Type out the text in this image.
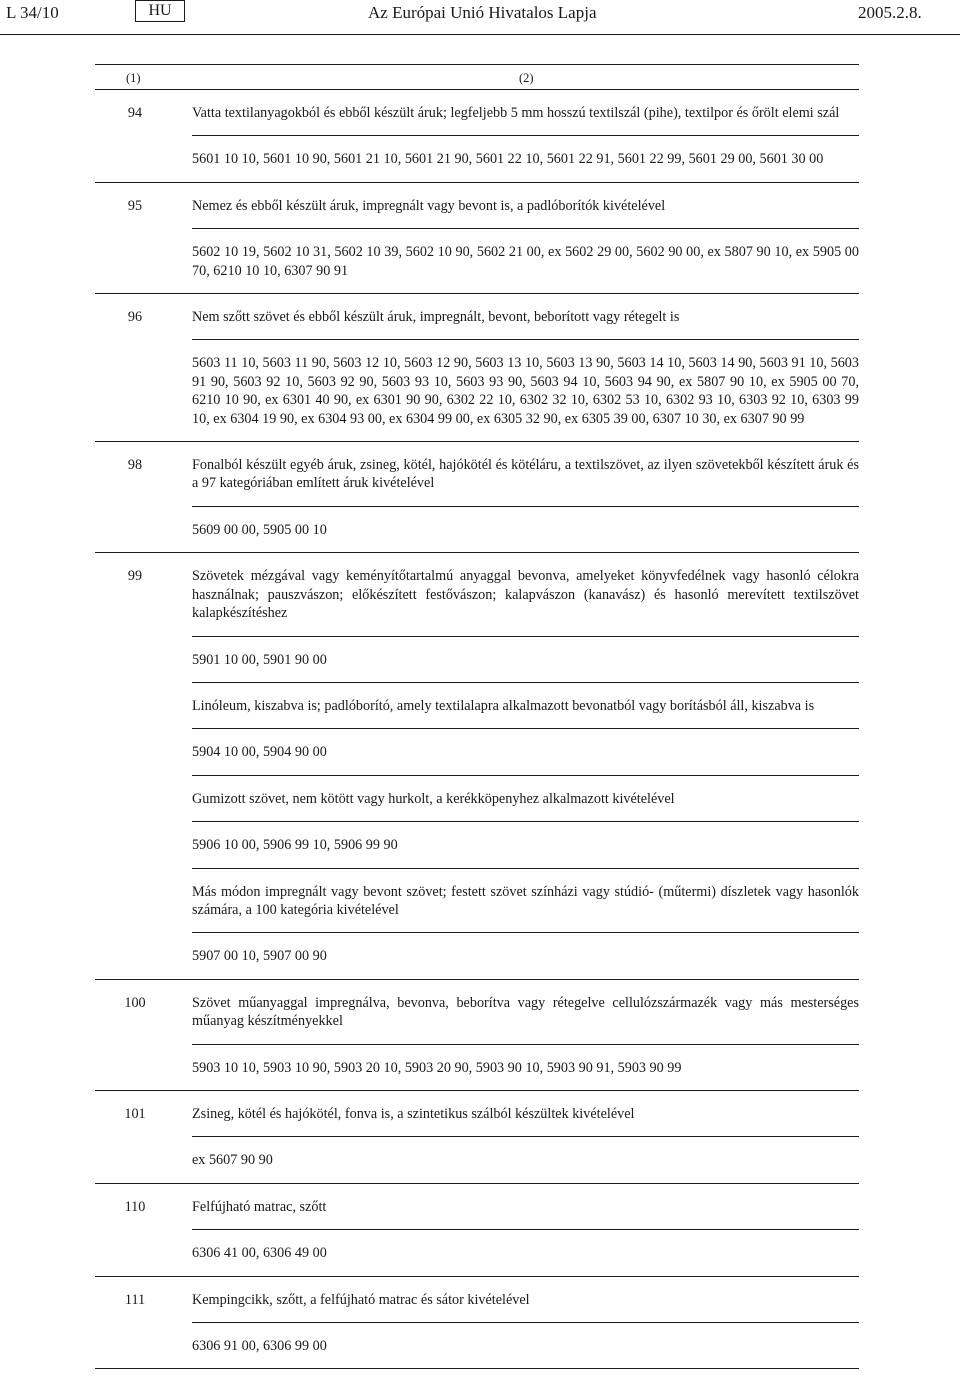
L 34/10	HU	Az Európai Unió Hivatalos Lapja	2005.2.8.
(1)	(2)
94	Vatta textilanyagokból és ebből készült áruk; legfeljebb 5 mm hosszú textilszál (pihe), textilpor és őrölt elemi szál
5601 10 10, 5601 10 90, 5601 21 10, 5601 21 90, 5601 22 10, 5601 22 91, 5601 22 99, 5601 29 00, 5601 30 00
95	Nemez és ebből készült áruk, impregnált vagy bevont is, a padlóborítók kivételével
5602 10 19, 5602 10 31, 5602 10 39, 5602 10 90, 5602 21 00, ex 5602 29 00, 5602 90 00, ex 5807 90 10, ex 5905 00 70, 6210 10 10, 6307 90 91
96	Nem szőtt szövet és ebből készült áruk, impregnált, bevont, beborított vagy rétegelt is
5603 11 10, 5603 11 90, 5603 12 10, 5603 12 90, 5603 13 10, 5603 13 90, 5603 14 10, 5603 14 90, 5603 91 10, 5603 91 90, 5603 92 10, 5603 92 90, 5603 93 10, 5603 93 90, 5603 94 10, 5603 94 90, ex 5807 90 10, ex 5905 00 70, 6210 10 90, ex 6301 40 90, ex 6301 90 90, 6302 22 10, 6302 32 10, 6302 53 10, 6302 93 10, 6303 92 10, 6303 99 10, ex 6304 19 90, ex 6304 93 00, ex 6304 99 00, ex 6305 32 90, ex 6305 39 00, 6307 10 30, ex 6307 90 99
98	Fonalból készült egyéb áruk, zsineg, kötél, hajókötél és kötéláru, a textilszövet, az ilyen szövetekből készített áruk és a 97 kategóriában említett áruk kivételével
5609 00 00, 5905 00 10
99	Szövetek mézgával vagy keményítőtartalmú anyaggal bevonva, amelyeket könyvfedélnek vagy hasonló célokra használnak; pauszvászon; előkészített festővászon; kalapvászon (kanavász) és hasonló merevített textilszövet kalapkészítéshez
5901 10 00, 5901 90 00
Linóleum, kiszabva is; padlóborító, amely textilalapra alkalmazott bevonatból vagy borításból áll, kiszabva is
5904 10 00, 5904 90 00
Gumizott szövet, nem kötött vagy hurkolt, a kerékköpenyhez alkalmazott kivételével
5906 10 00, 5906 99 10, 5906 99 90
Más módon impregnált vagy bevont szövet; festett szövet színházi vagy stúdió- (műtermi) díszletek vagy hasonlók számára, a 100 kategória kivételével
5907 00 10, 5907 00 90
100	Szövet műanyaggal impregnálva, bevonva, beborítva vagy rétegelve cellulózszármazék vagy más mesterséges műanyag készítményekkel
5903 10 10, 5903 10 90, 5903 20 10, 5903 20 90, 5903 90 10, 5903 90 91, 5903 90 99
101	Zsineg, kötél és hajókötél, fonva is, a szintetikus szálból készültek kivételével
ex 5607 90 90
110	Felfújható matrac, szőtt
6306 41 00, 6306 49 00
111	Kempingcikk, szőtt, a felfújható matrac és sátor kivételével
6306 91 00, 6306 99 00
